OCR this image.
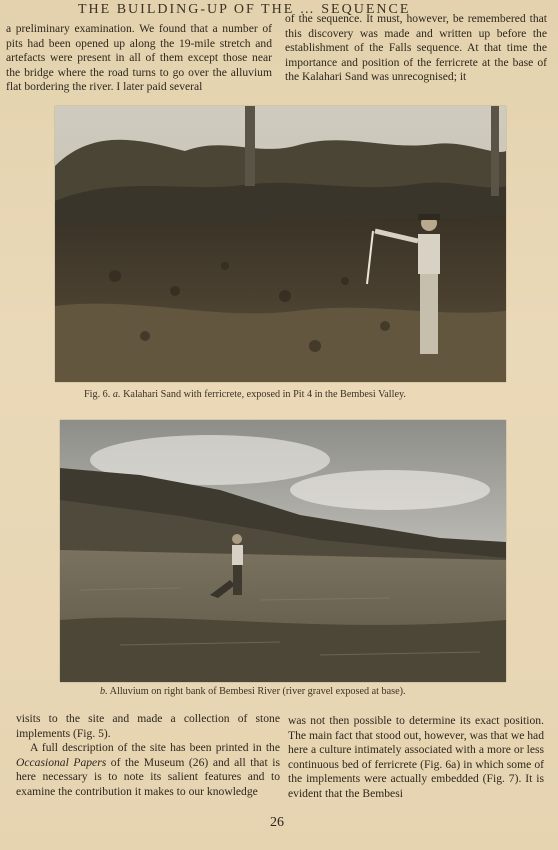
THE BUILDING-UP OF THE … SEQUENCE

a preliminary examination. We found that a number of pits had been opened up along the 19-mile stretch and artefacts were present in all of them except those near the bridge where the road turns to go over the alluvium flat bordering the river. I later paid several

of the sequence. It must, however, be remembered that this discovery was made and written up before the establishment of the Falls sequence. At that time the importance and position of the ferricrete at the base of the Kalahari Sand was unrecognised; it

Fig. 6. a. Kalahari Sand with ferricrete, exposed in Pit 4 in the Bembesi Valley.
b. Alluvium on right bank of Bembesi River (river gravel exposed at base).

visits to the site and made a collection of stone implements (Fig. 5).

A full description of the site has been printed in the Occasional Papers of the Museum (26) and all that is here necessary is to note its salient features and to examine the contribution it makes to our knowledge

was not then possible to determine its exact position. The main fact that stood out, however, was that we had here a culture intimately associated with a more or less continuous bed of ferricrete (Fig. 6a) in which some of the implements were actually embedded (Fig. 7). It is evident that the Bembesi

26
